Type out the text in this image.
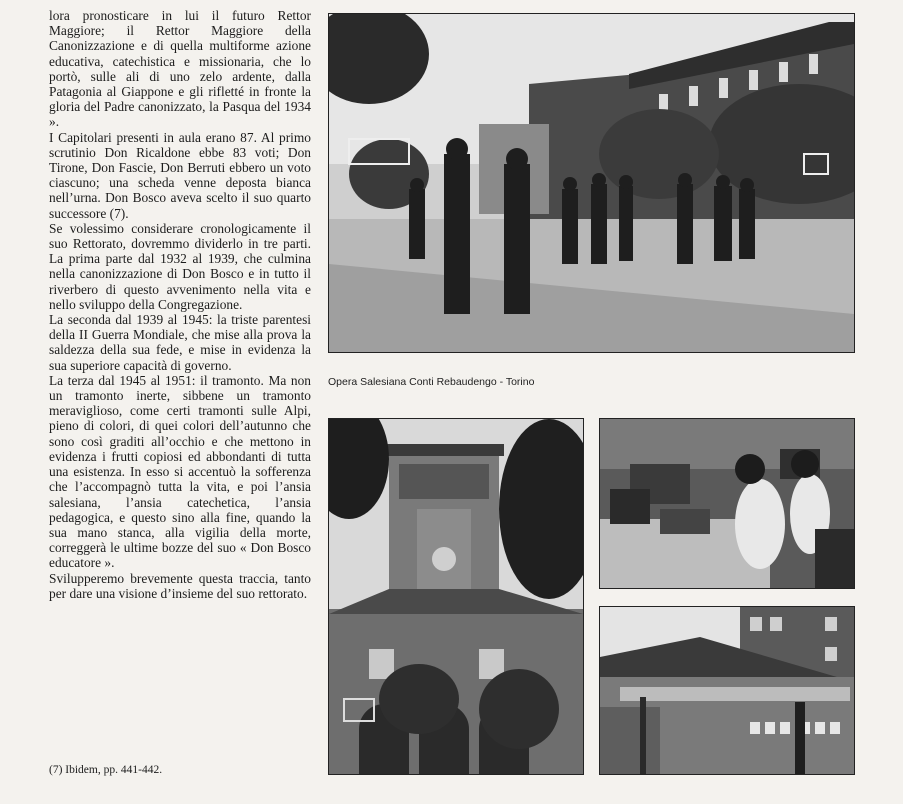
lora pronosticare in lui il futuro Rettor Maggiore; il Rettor Maggiore della Canonizzazione e di quella multiforme azione educativa, catechistica e missionaria, che lo portò, sulle ali di uno zelo ardente, dalla Patagonia al Giappone e gli rifletté in fronte la gloria del Padre canonizzato, la Pasqua del 1934 ».

I Capitolari presenti in aula erano 87. Al primo scrutinio Don Ricaldone ebbe 83 voti; Don Tirone, Don Fascie, Don Berruti ebbero un voto ciascuno; una scheda venne deposta bianca nell’urna. Don Bosco aveva scelto il suo quarto successore (7).

Se volessimo considerare cronologicamente il suo Rettorato, dovremmo dividerlo in tre parti. La prima parte dal 1932 al 1939, che culmina nella canonizzazione di Don Bosco e in tutto il riverbero di questo avvenimento nella vita e nello sviluppo della Congregazione.

La seconda dal 1939 al 1945: la triste parentesi della II Guerra Mondiale, che mise alla prova la saldezza della sua fede, e mise in evidenza la sua superiore capacità di governo.

La terza dal 1945 al 1951: il tramonto. Ma non un tramonto inerte, sibbene un tramonto meraviglioso, come certi tramonti sulle Alpi, pieno di colori, di quei colori dell’autunno che sono così graditi all’occhio e che mettono in evidenza i frutti copiosi ed abbondanti di tutta una esistenza. In esso si accentuò la sofferenza che l’accompagnò tutta la vita, e poi l’ansia salesiana, l’ansia catechetica, l’ansia pedagogica, e questo sino alla fine, quando la sua mano stanca, alla vigilia della morte, correggerà le ultime bozze del suo « Don Bosco educatore ».

Svilupperemo brevemente questa traccia, tanto per dare una visione d’insieme del suo rettorato.

(7) Ibidem, pp. 441-442.
Opera Salesiana Conti Rebaudengo - Torino
